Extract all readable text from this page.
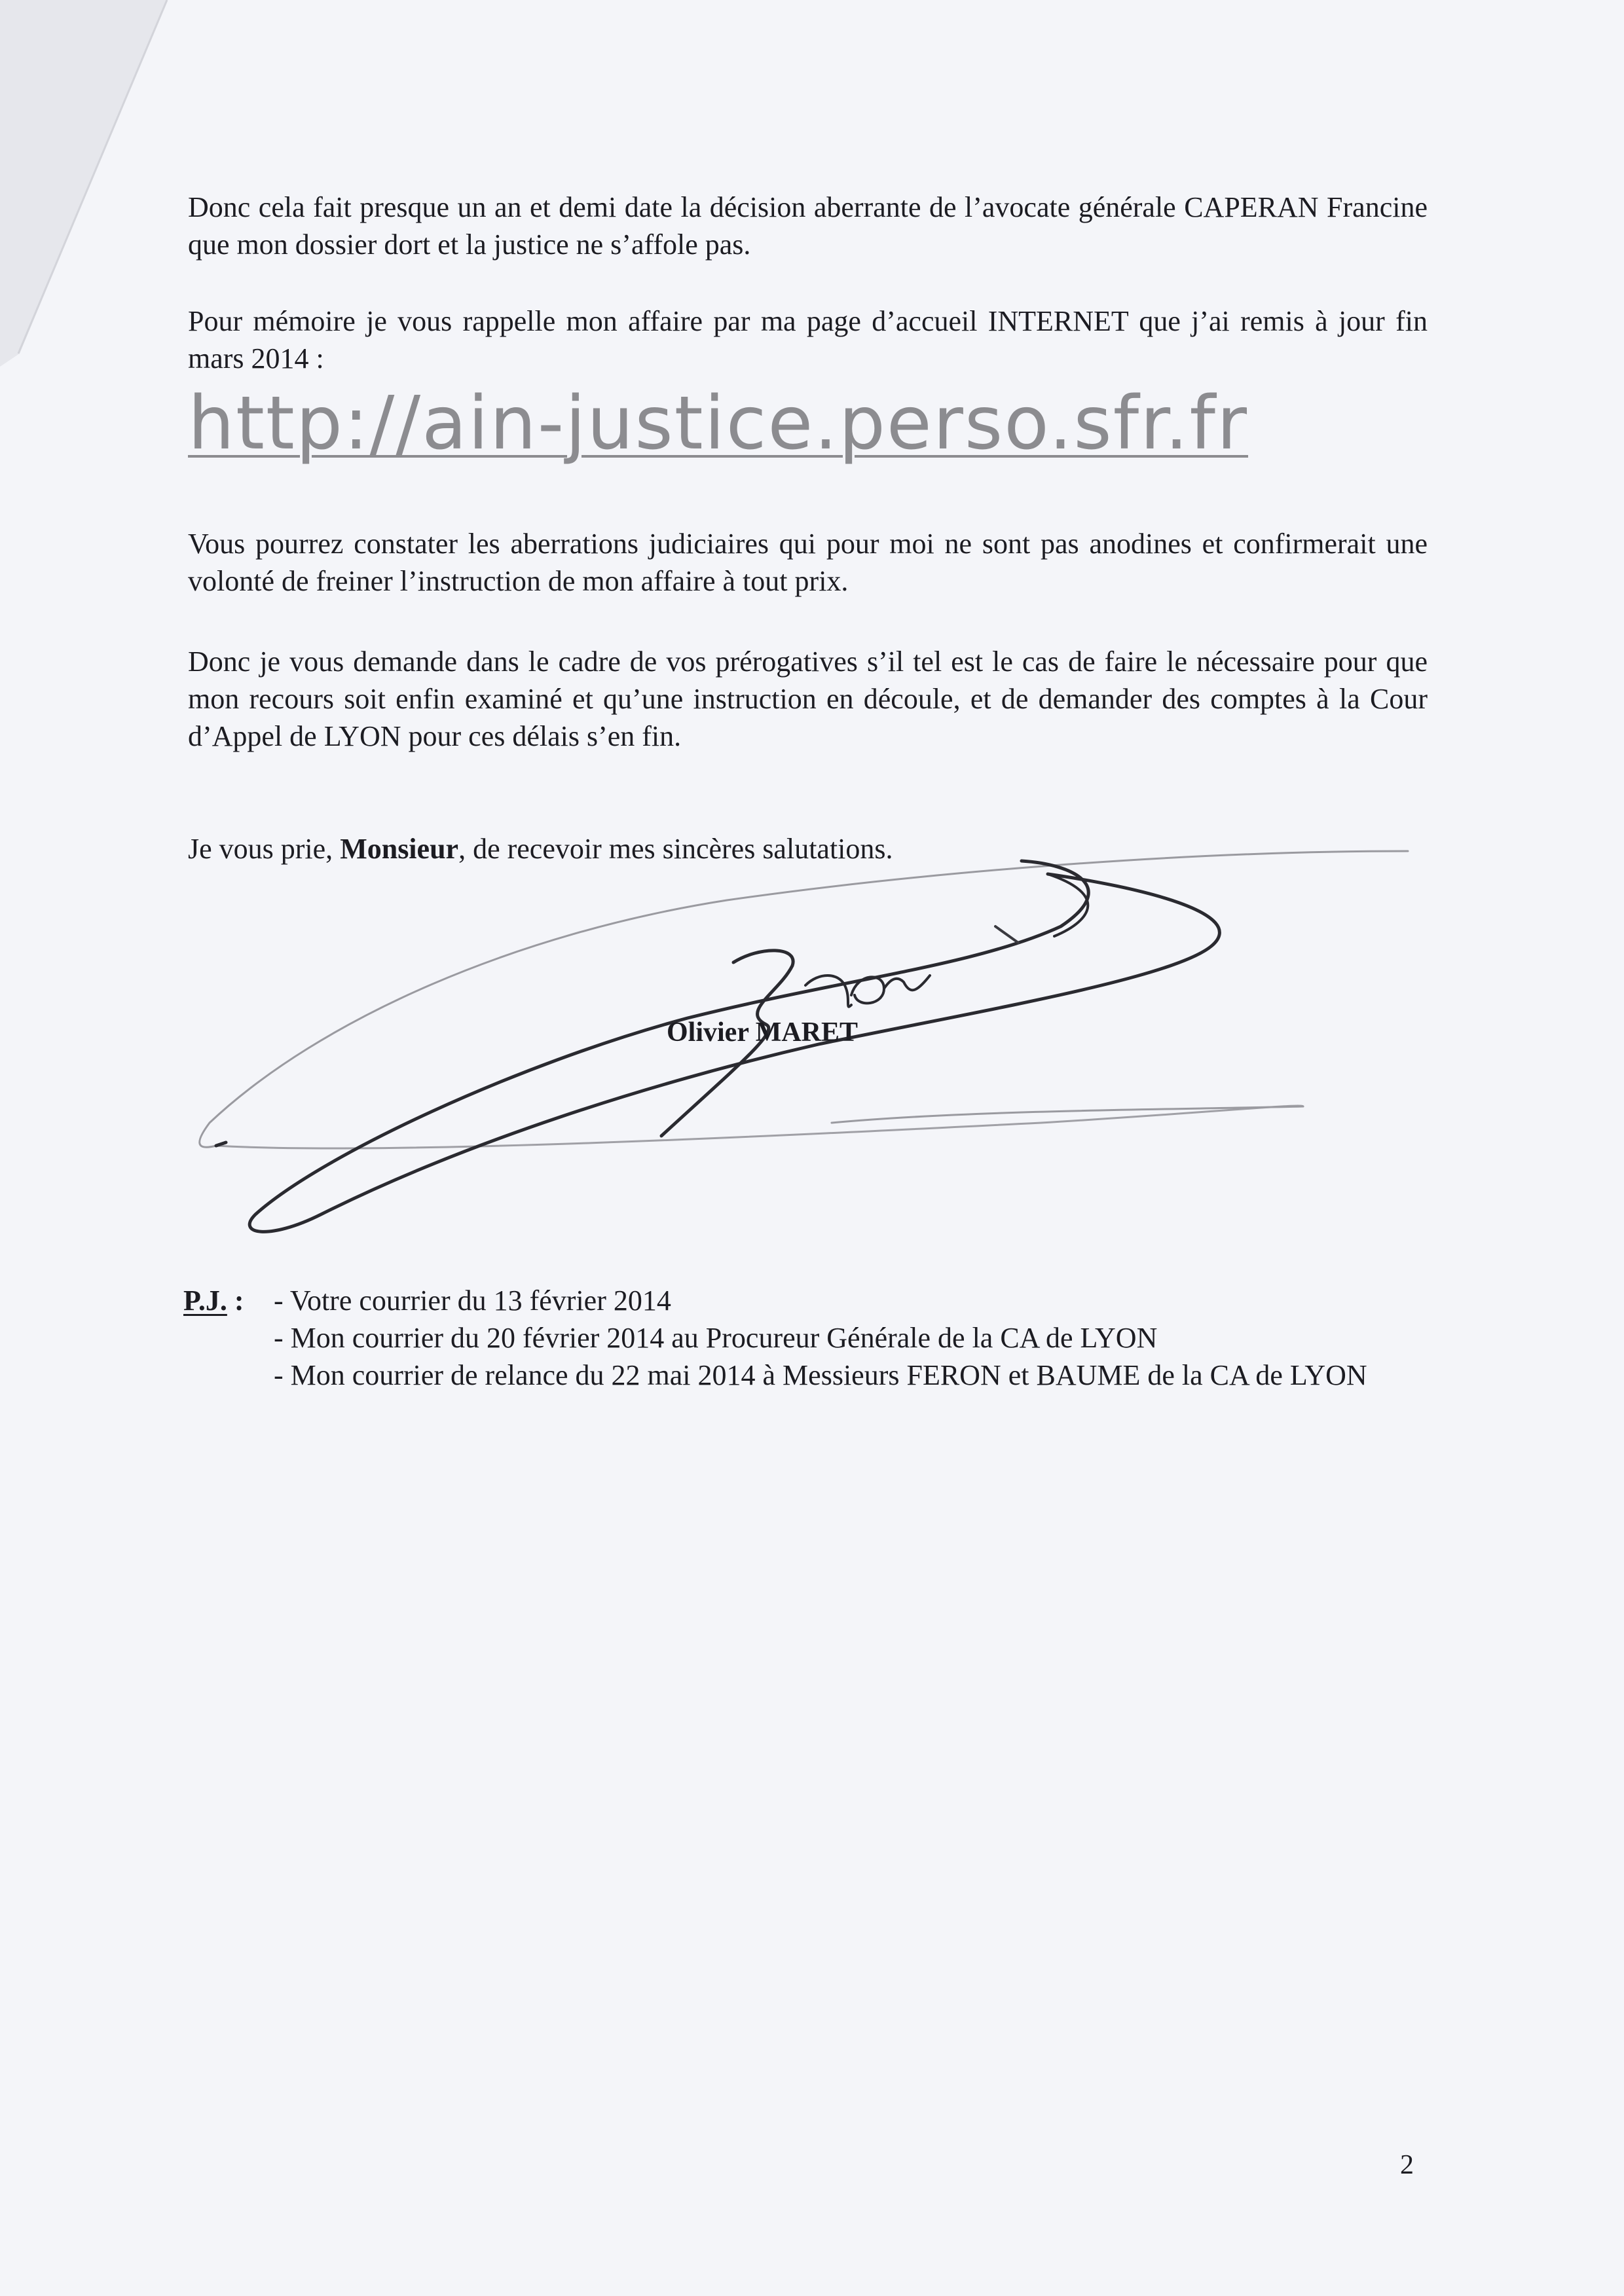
Donc cela fait presque un an et demi date la décision aberrante de l’avocate générale CAPERAN Francine que mon dossier dort et la justice ne s’affole pas.

Pour mémoire je vous rappelle mon affaire par ma page d’accueil INTERNET que j’ai remis à jour fin mars 2014 :

http://ain-justice.perso.sfr.fr

Vous pourrez constater les aberrations judiciaires qui pour moi ne sont pas anodines et confirmerait une volonté de freiner l’instruction de mon affaire à tout prix.

Donc je vous demande dans le cadre de vos prérogatives s’il tel est le cas de faire le nécessaire pour que mon recours soit enfin examiné et qu’une instruction en découle, et de demander des comptes à la Cour d’Appel de LYON pour ces délais s’en fin.

Je vous prie, Monsieur, de recevoir mes sincères salutations.

Olivier MARET

P.J. : - Votre courrier du 13 février 2014
- Mon courrier du 20 février 2014 au Procureur Générale de la CA de LYON
- Mon courrier de relance du 22 mai 2014 à Messieurs FERON et BAUME de la CA de LYON

2
